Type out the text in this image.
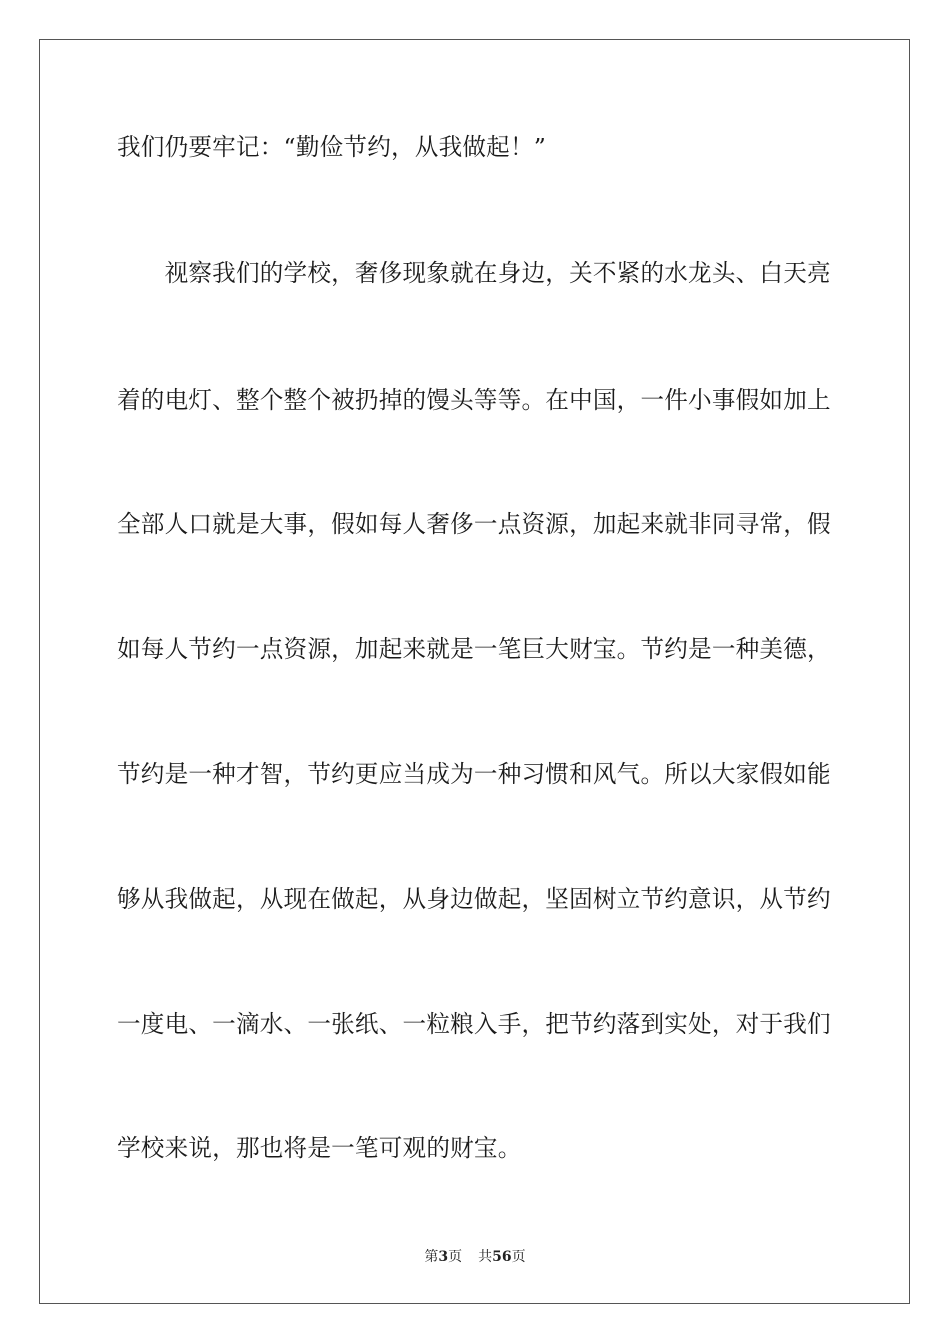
我们仍要牢记：“勤俭节约，从我做起！”
　　视察我们的学校，奢侈现象就在身边，关不紧的水龙头、白天亮
着的电灯、整个整个被扔掉的馒头等等。在中国，一件小事假如加上
全部人口就是大事，假如每人奢侈一点资源，加起来就非同寻常，假
如每人节约一点资源，加起来就是一笔巨大财宝。节约是一种美德，
节约是一种才智，节约更应当成为一种习惯和风气。所以大家假如能
够从我做起，从现在做起，从身边做起，坚固树立节约意识，从节约
一度电、一滴水、一张纸、一粒粮入手，把节约落到实处，对于我们
学校来说，那也将是一笔可观的财宝。
第3页 共56页
